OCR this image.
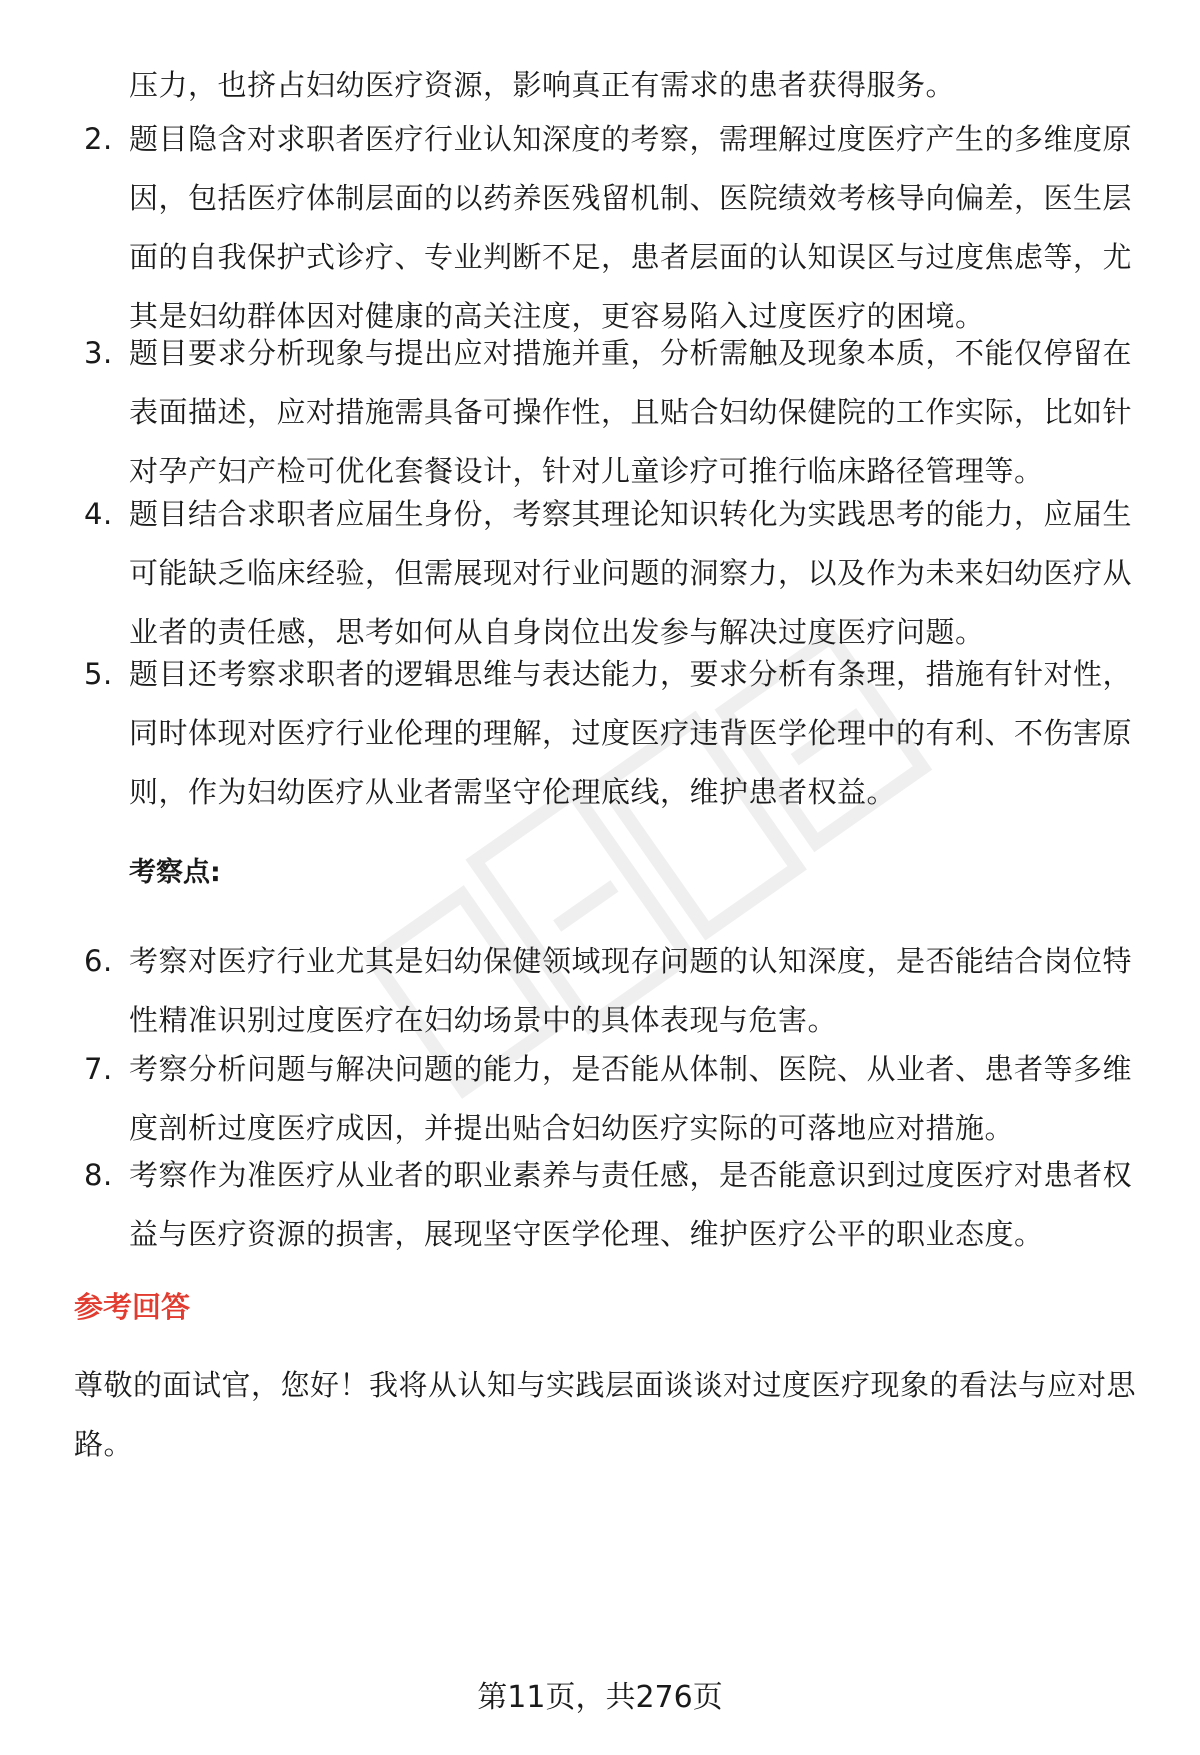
压力，也挤占妇幼医疗资源，影响真正有需求的患者获得服务。
2. 题目隐含对求职者医疗行业认知深度的考察，需理解过度医疗产生的多维度原因，包括医疗体制层面的以药养医残留机制、医院绩效考核导向偏差，医生层面的自我保护式诊疗、专业判断不足，患者层面的认知误区与过度焦虑等，尤其是妇幼群体因对健康的高关注度，更容易陷入过度医疗的困境。
3. 题目要求分析现象与提出应对措施并重，分析需触及现象本质，不能仅停留在表面描述，应对措施需具备可操作性，且贴合妇幼保健院的工作实际，比如针对孕产妇产检可优化套餐设计，针对儿童诊疗可推行临床路径管理等。
4. 题目结合求职者应届生身份，考察其理论知识转化为实践思考的能力，应届生可能缺乏临床经验，但需展现对行业问题的洞察力，以及作为未来妇幼医疗从业者的责任感，思考如何从自身岗位出发参与解决过度医疗问题。
5. 题目还考察求职者的逻辑思维与表达能力，要求分析有条理，措施有针对性，同时体现对医疗行业伦理的理解，过度医疗违背医学伦理中的有利、不伤害原则，作为妇幼医疗从业者需坚守伦理底线，维护患者权益。
考察点:
6. 考察对医疗行业尤其是妇幼保健领域现存问题的认知深度，是否能结合岗位特性精准识别过度医疗在妇幼场景中的具体表现与危害。
7. 考察分析问题与解决问题的能力，是否能从体制、医院、从业者、患者等多维度剖析过度医疗成因，并提出贴合妇幼医疗实际的可落地应对措施。
8. 考察作为准医疗从业者的职业素养与责任感，是否能意识到过度医疗对患者权益与医疗资源的损害，展现坚守医学伦理、维护医疗公平的职业态度。
参考回答
尊敬的面试官，您好！我将从认知与实践层面谈谈对过度医疗现象的看法与应对思路。
第11页，共276页
